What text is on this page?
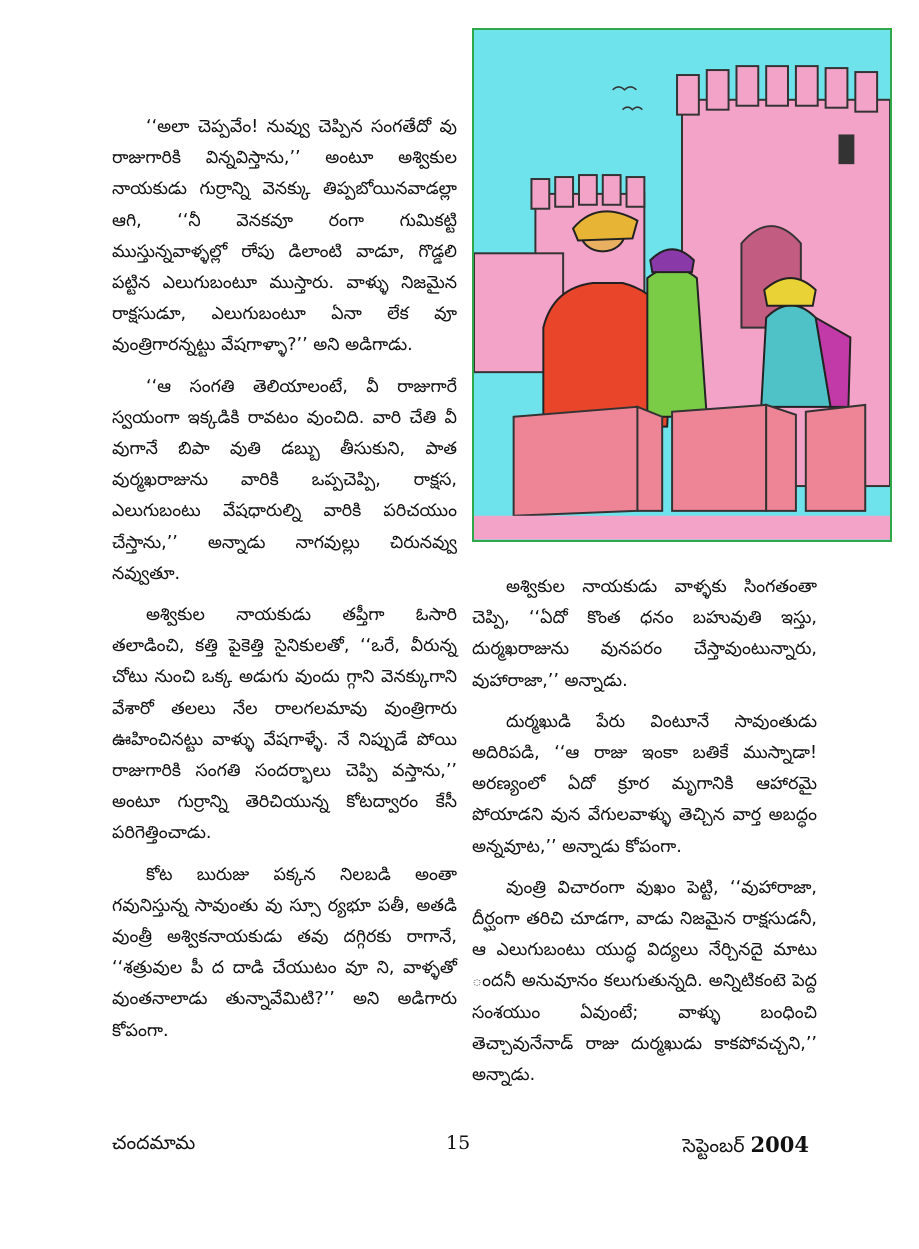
‘‘అలా చెప్పవేం! నువ్వు చెప్పిన సంగతేదో వు రాజుగారికి విన్నవిస్తాను,’’ అంటూ అశ్వికుల నాయకుడు గుర్రాన్ని వెనక్కు తిప్పబోయినవాడల్లా ఆగి, ‘‘నీ వెనకవూ రంగా గుమికట్టి ముస్తున్నవాళ్ళల్లో రాేపు డిలాంటి వాడూ, గొడ్డలి పట్టిన ఎలుగుబంటూ ముస్తారు. వాళ్ళు నిజమైన రాక్షసుడూ, ఎలుగుబంటూ ఏనా లేక వూ వుంత్రిగారన్నట్టు వేషగాళ్ళా?’’ అని అడిగాడు.

‘‘ఆ సంగతి తెలియాలంటే, వీ రాజుగారే స్వయంగా ఇక్కడికి రావటం వుంచిది. వారి చేతి వీ వుగానే బిపా వుతి డబ్బు తీసుకుని, పాత వుర్మఖరాజును వారికి ఒప్పచెప్పి, రాక్షస, ఎలుగుబంటు వేషధారుల్ని వారికి పరిచయుం చేస్తాను,’’ అన్నాడు నాగవుల్లు చిరునవ్వు నవ్వుతూ.

అశ్వికుల నాయకుడు తప్తీగా ఓసారి తలాడించి, కత్తి పైకెత్తి సైనికులతో, ‘‘ఒరే, వీరున్న చోటు నుంచి ఒక్క అడుగు వుందు గ్గాని వెనక్కుగాని వేశారో తలలు నేల రాలగలమావు వుంత్రిగారు ఊహించినట్టు వాళ్ళు వేషగాళ్ళే. నే నిప్పుడే పోయి రాజుగారికి సంగతి సందర్భాలు చెప్పి వస్తాను,’’ అంటూ గుర్రాన్ని తెరిచియున్న కోటద్వారం కేసీ పరిగెత్తించాడు.

కోట బురుజు పక్కన నిలబడి అంతా గవునిస్తున్న సావుంతు వు స్సూ ర్యభూ పతీ, అతడి వుంత్రీ అశ్వికనాయకుడు తవు దగ్గిరకు రాగానే, ‘‘శత్రువుల పీ ద దాడి చేయుటం వూ ని, వాళ్ళతో వుంతనాలాడు తున్నావేమిటి?’’ అని అడిగారు కోపంగా.

అశ్వికుల నాయకుడు వాళ్ళకు సింగతంతా చెప్పి, ‘‘ఏదో కొంత ధనం బహువుతి ఇస్తు, దుర్మఖరాజును వునపరం చేస్తావుంటున్నారు, వుహారాజా,’’ అన్నాడు.

దుర్మఖుడి పేరు వింటూనే సావుంతుడు అదిరిపడి, ‘‘ఆ రాజు ఇంకా బతికే ముస్నాడా! అరణ్యంలో ఏదో క్రూర మృగానికి ఆహారమై పోయాడని వున వేగులవాళ్ళు తెచ్చిన వార్త అబద్ధం అన్నవూట,’’ అన్నాడు కోపంగా.

వుంత్రి విచారంగా వుఖం పెట్టి, ‘‘వుహారాజా, దీర్ఘంగా తరిచి చూడగా, వాడు నిజమైన రాక్షసుడనీ, ఆ ఎలుగుబంటు యుద్ధ విద్యలు నేర్చినదై మాటు ందనీ అనువూనం కలుగుతున్నది. అన్నిటికంటె పెద్ద సంశయుం ఏవుంటే; వాళ్ళు బంధించి తెచ్చావునేనాడ్ రాజు దుర్మఖుడు కాకపోవచ్చని,’’ అన్నాడు.

చందమామ	15	సెప్టెంబర్ 2004
